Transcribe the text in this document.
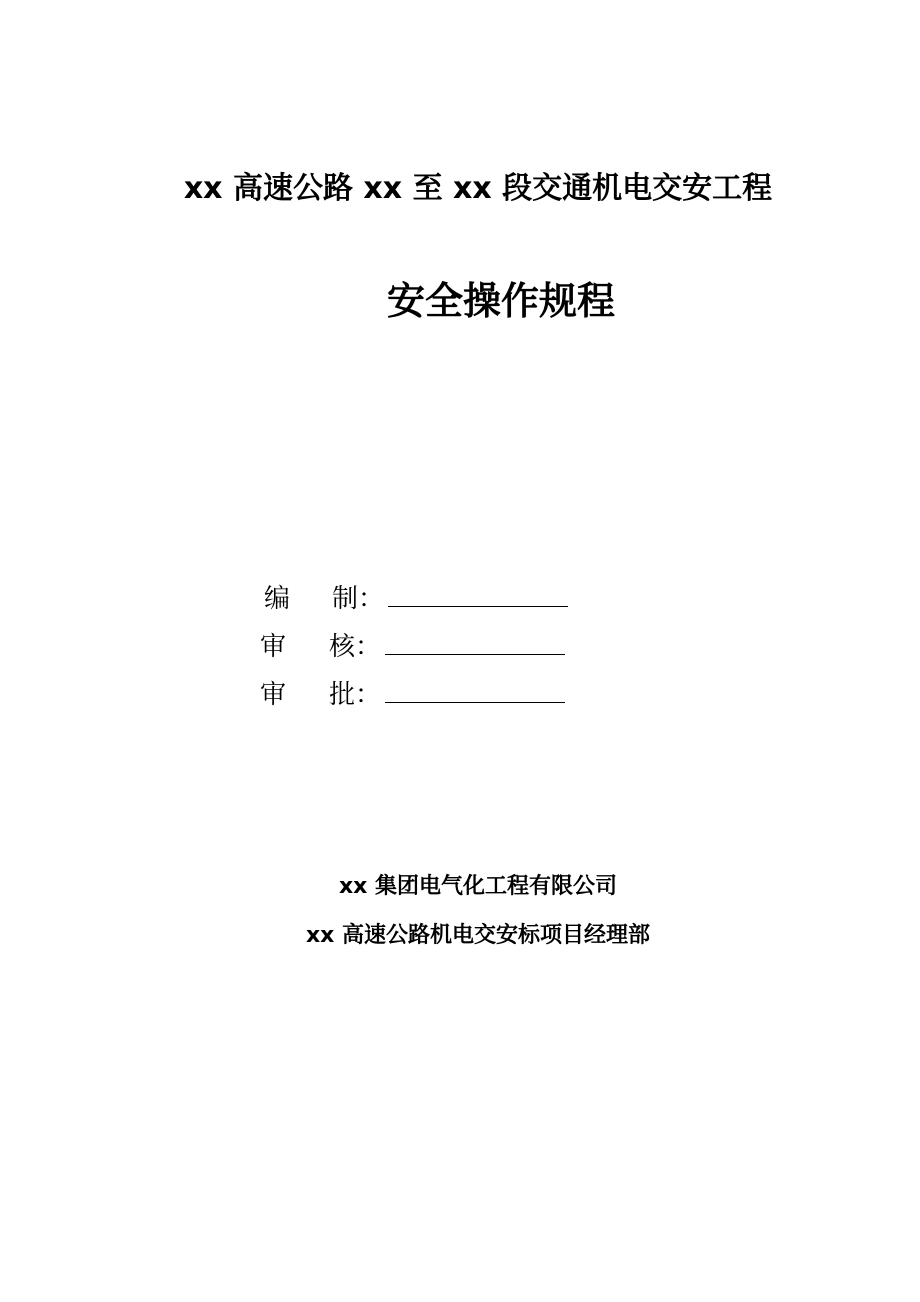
xx 高速公路 xx 至 xx 段交通机电交安工程
安全操作规程
编 制 ：
审 核 ：
审 批 ：
xx 集团电气化工程有限公司
xx 高速公路机电交安标项目经理部
